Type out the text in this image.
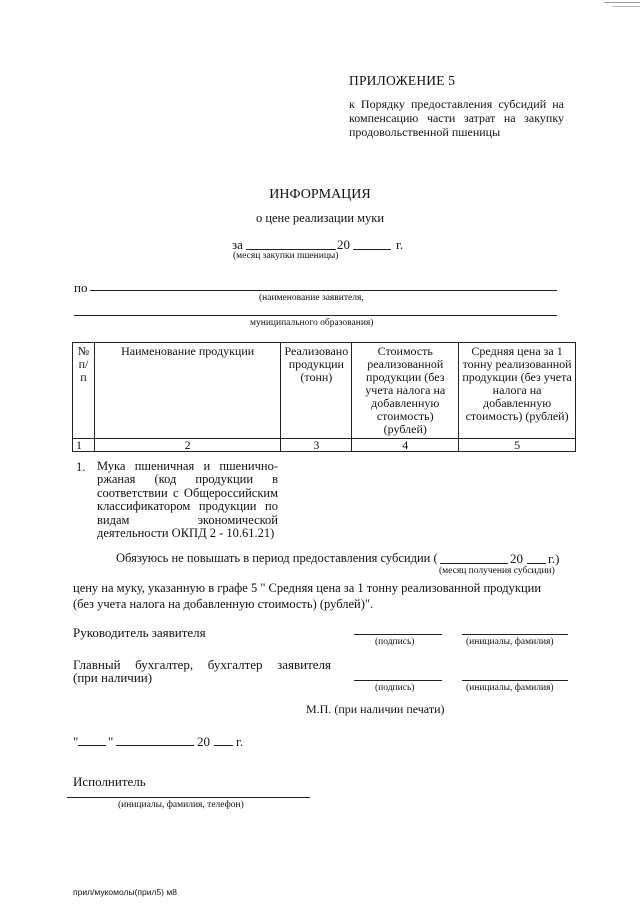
ПРИЛОЖЕНИЕ 5
к Порядку предоставления субсидий на компенсацию части затрат на закупку продовольственной пшеницы
ИНФОРМАЦИЯ
о цене реализации муки
за	20	г.
(месяц закупки пшеницы)
по
(наименование заявителя,
муниципального образования)
№ п/ п	Наименование продукции	Реализовано продукции (тонн)	Стоимость реализованной продукции (без учета налога на добавленную стоимость) (рублей)	Средняя цена за 1 тонну реализованной продукции (без учета налога на добавленную стоимость) (рублей)
1	2	3	4	5
1. Мука пшеничная и пшенично-ржаная (код продукции в соответствии с Общероссийским классификатором продукции по видам экономической деятельности ОКПД 2 - 10.61.21)
Обязуюсь не повышать в период предоставления субсидии (	20 г.)
(месяц получения субсидии)
цену на муку, указанную в графе 5 " Средняя цена за 1 тонну реализованной продукции
(без учета налога на добавленную стоимость) (рублей)".
Руководитель заявителя
(подпись)	(инициалы, фамилия)
Главный бухгалтер, бухгалтер заявителя
(при наличии)
(подпись)	(инициалы, фамилия)
М.П. (при наличии печати)
" "	20 г.
Исполнитель
(инициалы, фамилия, телефон)
прил/мукомолы(прил5) м8
